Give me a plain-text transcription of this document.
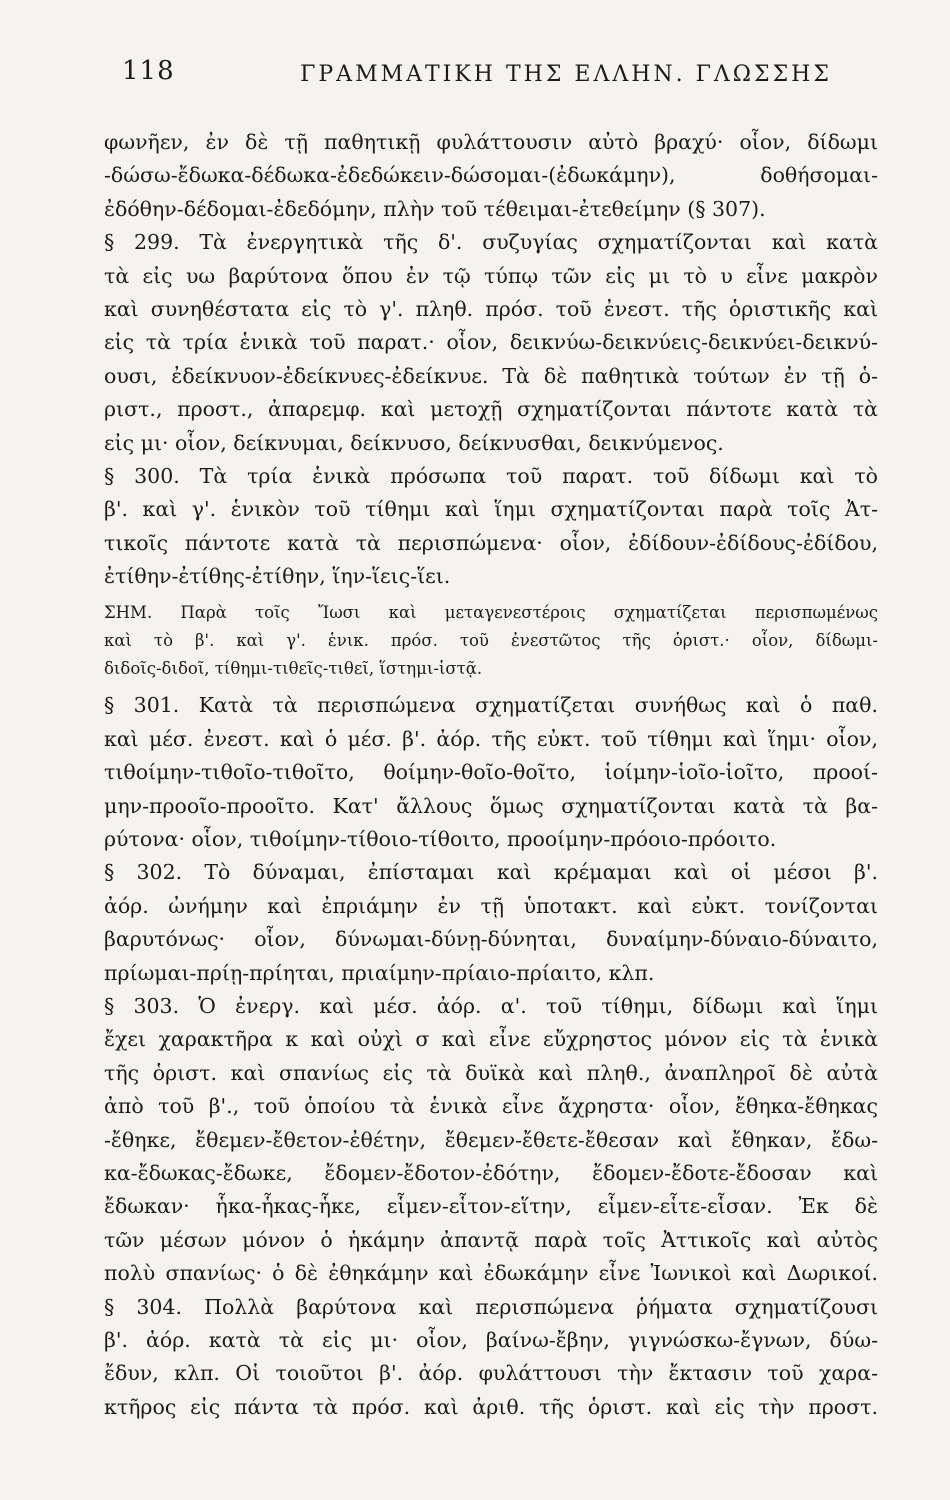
118	ΓΡΑΜΜΑΤΙΚΗ ΤΗΣ ΕΛΛΗΝ. ΓΛΩΣΣΗΣ
φωνῆεν, ἐν δὲ τῇ παθητικῇ φυλάττουσιν αὐτὸ βραχύ· οἷον, δίδωμι
-δώσω-ἔδωκα-δέδωκα-ἐδεδώκειν-δώσομαι-(ἐδωκάμην), δοθήσομαι-
ἐδόθην-δέδομαι-ἐδεδόμην, πλὴν τοῦ τέθειμαι-ἐτεθείμην (§ 307).
§ 299. Τὰ ἐνεργητικὰ τῆς δ'. συζυγίας σχηματίζονται καὶ κατὰ
τὰ εἰς υω βαρύτονα ὅπου ἐν τῷ τύπῳ τῶν εἰς μι τὸ υ εἶνε μακρὸν
καὶ συνηθέστατα εἰς τὸ γ'. πληθ. πρόσ. τοῦ ἐνεστ. τῆς ὁριστικῆς καὶ
εἰς τὰ τρία ἑνικὰ τοῦ παρατ.· οἷον, δεικνύω-δεικνύεις-δεικνύει-δεικνύ-
ουσι, ἐδείκνυον-ἐδείκνυες-ἐδείκνυε. Τὰ δὲ παθητικὰ τούτων ἐν τῇ ὁ-
ριστ., προστ., ἀπαρεμφ. καὶ μετοχῇ σχηματίζονται πάντοτε κατὰ τὰ
εἰς μι· οἷον, δείκνυμαι, δείκνυσο, δείκνυσθαι, δεικνύμενος.
§ 300. Τὰ τρία ἑνικὰ πρόσωπα τοῦ παρατ. τοῦ δίδωμι καὶ τὸ
β'. καὶ γ'. ἑνικὸν τοῦ τίθημι καὶ ἵημι σχηματίζονται παρὰ τοῖς Ἀτ-
τικοῖς πάντοτε κατὰ τὰ περισπώμενα· οἷον, ἐδίδουν-ἐδίδους-ἐδίδου,
ἐτίθην-ἐτίθης-ἐτίθην, ἵην-ἵεις-ἵει.
ΣΗΜ. Παρὰ τοῖς Ἴωσι καὶ μεταγενεστέροις σχηματίζεται περισπωμένως
καὶ τὸ β'. καὶ γ'. ἑνικ. πρόσ. τοῦ ἐνεστῶτος τῆς ὁριστ.· οἷον, δίδωμι-
διδοῖς-διδοῖ, τίθημι-τιθεῖς-τιθεῖ, ἵστημι-ἱστᾷ.
§ 301. Κατὰ τὰ περισπώμενα σχηματίζεται συνήθως καὶ ὁ παθ.
καὶ μέσ. ἐνεστ. καὶ ὁ μέσ. β'. ἀόρ. τῆς εὐκτ. τοῦ τίθημι καὶ ἵημι· οἷον,
τιθοίμην-τιθοῖο-τιθοῖτο, θοίμην-θοῖο-θοῖτο, ἱοίμην-ἱοῖο-ἱοῖτο, προοί-
μην-προοῖο-προοῖτο. Κατ' ἄλλους ὅμως σχηματίζονται κατὰ τὰ βα-
ρύτονα· οἷον, τιθοίμην-τίθοιο-τίθοιτο, προοίμην-πρόοιο-πρόοιτο.
§ 302. Τὸ δύναμαι, ἐπίσταμαι καὶ κρέμαμαι καὶ οἱ μέσοι β'.
ἀόρ. ὠνήμην καὶ ἐπριάμην ἐν τῇ ὑποτακτ. καὶ εὐκτ. τονίζονται
βαρυτόνως· οἷον, δύνωμαι-δύνῃ-δύνηται, δυναίμην-δύναιο-δύναιτο,
πρίωμαι-πρίῃ-πρίηται, πριαίμην-πρίαιο-πρίαιτο, κλπ.
§ 303. Ὁ ἐνεργ. καὶ μέσ. ἀόρ. α'. τοῦ τίθημι, δίδωμι καὶ ἵημι
ἔχει χαρακτῆρα κ καὶ οὐχὶ σ καὶ εἶνε εὔχρηστος μόνον εἰς τὰ ἑνικὰ
τῆς ὁριστ. καὶ σπανίως εἰς τὰ δυϊκὰ καὶ πληθ., ἀναπληροῖ δὲ αὐτὰ
ἀπὸ τοῦ β'., τοῦ ὁποίου τὰ ἑνικὰ εἶνε ἄχρηστα· οἷον, ἔθηκα-ἔθηκας
-ἔθηκε, ἔθεμεν-ἔθετον-ἐθέτην, ἔθεμεν-ἔθετε-ἔθεσαν καὶ ἔθηκαν, ἔδω-
κα-ἔδωκας-ἔδωκε, ἔδομεν-ἔδοτον-ἐδότην, ἔδομεν-ἔδοτε-ἔδοσαν καὶ
ἔδωκαν· ἧκα-ἧκας-ἧκε, εἷμεν-εἷτον-εἵτην, εἷμεν-εἷτε-εἷσαν. Ἐκ δὲ
τῶν μέσων μόνον ὁ ἡκάμην ἀπαντᾷ παρὰ τοῖς Ἀττικοῖς καὶ αὐτὸς
πολὺ σπανίως· ὁ δὲ ἐθηκάμην καὶ ἐδωκάμην εἶνε Ἰωνικοὶ καὶ Δωρικοί.
§ 304. Πολλὰ βαρύτονα καὶ περισπώμενα ῥήματα σχηματίζουσι
β'. ἀόρ. κατὰ τὰ εἰς μι· οἷον, βαίνω-ἔβην, γιγνώσκω-ἔγνων, δύω-
ἔδυν, κλπ. Οἱ τοιοῦτοι β'. ἀόρ. φυλάττουσι τὴν ἔκτασιν τοῦ χαρα-
κτῆρος εἰς πάντα τὰ πρόσ. καὶ ἀριθ. τῆς ὁριστ. καὶ εἰς τὴν προστ.
